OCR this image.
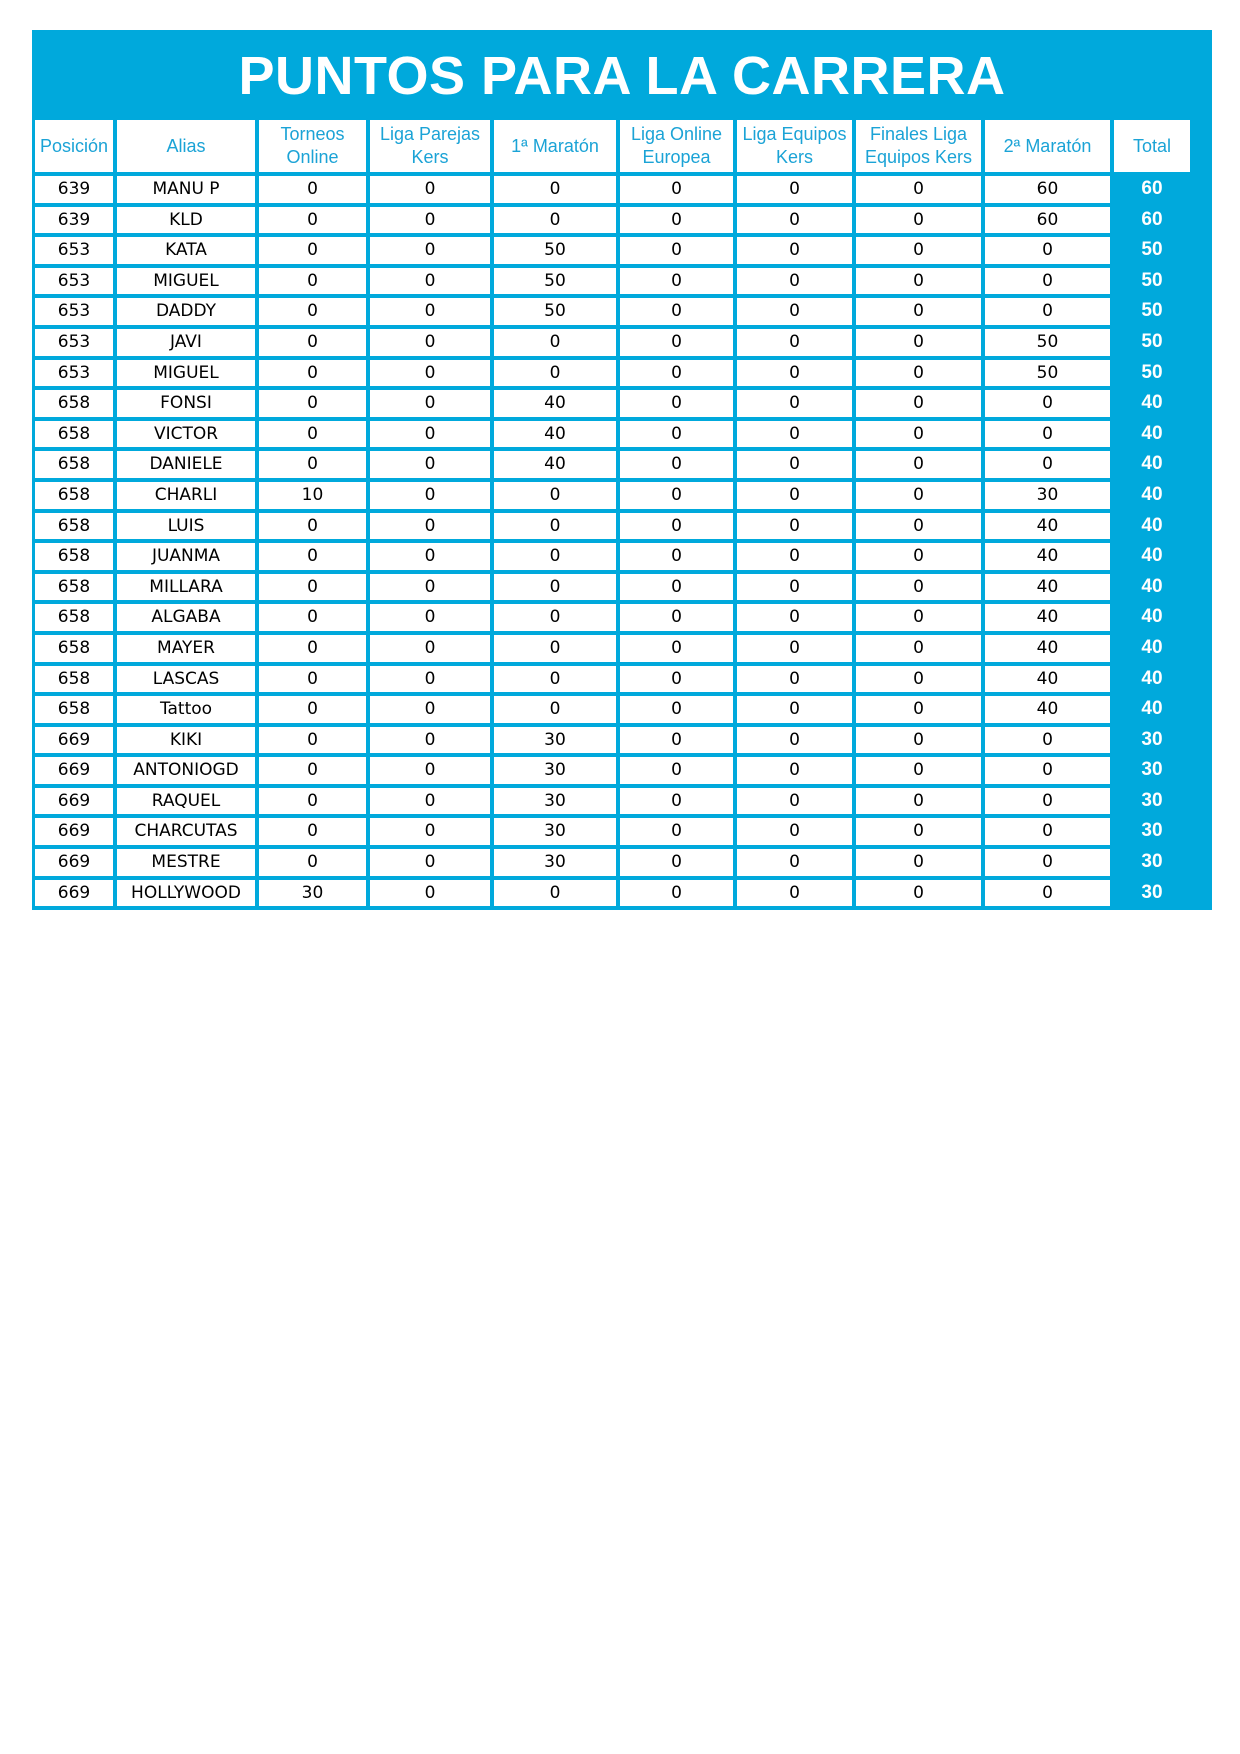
PUNTOS PARA LA CARRERA
Posición	Alias	Torneos Online	Liga Parejas Kers	1ª Maratón	Liga Online Europea	Liga Equipos Kers	Finales Liga Equipos Kers	2ª Maratón	Total
639	MANU P	0	0	0	0	0	0	60	60
639	KLD	0	0	0	0	0	0	60	60
653	KATA	0	0	50	0	0	0	0	50
653	MIGUEL	0	0	50	0	0	0	0	50
653	DADDY	0	0	50	0	0	0	0	50
653	JAVI	0	0	0	0	0	0	50	50
653	MIGUEL	0	0	0	0	0	0	50	50
658	FONSI	0	0	40	0	0	0	0	40
658	VICTOR	0	0	40	0	0	0	0	40
658	DANIELE	0	0	40	0	0	0	0	40
658	CHARLI	10	0	0	0	0	0	30	40
658	LUIS	0	0	0	0	0	0	40	40
658	JUANMA	0	0	0	0	0	0	40	40
658	MILLARA	0	0	0	0	0	0	40	40
658	ALGABA	0	0	0	0	0	0	40	40
658	MAYER	0	0	0	0	0	0	40	40
658	LASCAS	0	0	0	0	0	0	40	40
658	Tattoo	0	0	0	0	0	0	40	40
669	KIKI	0	0	30	0	0	0	0	30
669	ANTONIOGD	0	0	30	0	0	0	0	30
669	RAQUEL	0	0	30	0	0	0	0	30
669	CHARCUTAS	0	0	30	0	0	0	0	30
669	MESTRE	0	0	30	0	0	0	0	30
669	HOLLYWOOD	30	0	0	0	0	0	0	30
